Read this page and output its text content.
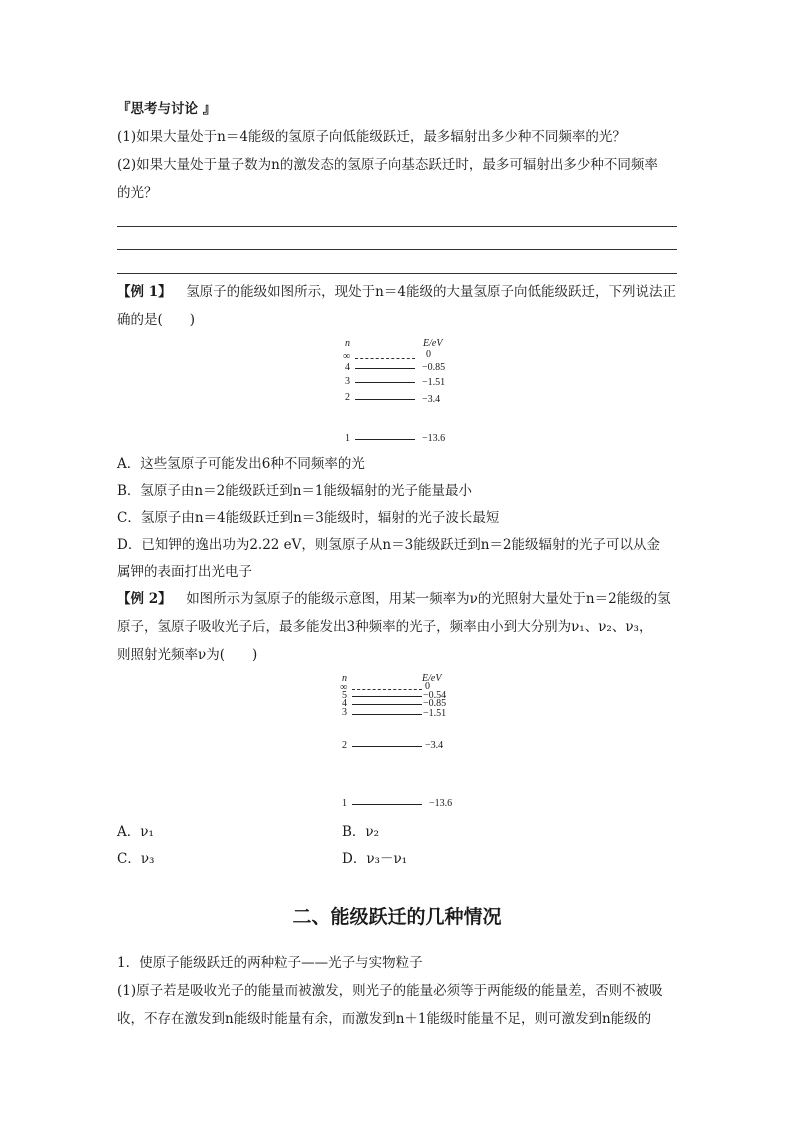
『思考与讨论 』
(1)如果大量处于n＝4能级的氢原子向低能级跃迁，最多辐射出多少种不同频率的光？
(2)如果大量处于量子数为n的激发态的氢原子向基态跃迁时，最多可辐射出多少种不同频率
的光？
【例 1】 氢原子的能级如图所示，现处于n＝4能级的大量氢原子向低能级跃迁，下列说法正
确的是(　　)
n	E/eV
∞	0
4	−0.85
3	−1.51
2	−3.4
1	−13.6
A．这些氢原子可能发出6种不同频率的光
B．氢原子由n＝2能级跃迁到n＝1能级辐射的光子能量最小
C．氢原子由n＝4能级跃迁到n＝3能级时，辐射的光子波长最短
D．已知钾的逸出功为2.22 eV，则氢原子从n＝3能级跃迁到n＝2能级辐射的光子可以从金
属钾的表面打出光电子
【例 2】 如图所示为氢原子的能级示意图，用某一频率为ν的光照射大量处于n＝2能级的氢
原子，氢原子吸收光子后，最多能发出3种频率的光子，频率由小到大分别为ν₁、ν₂、ν₃，
则照射光频率ν为(　　)
n	E/eV
∞	0
5	−0.54
4	−0.85
3	−1.51
2	−3.4
1	−13.6
A．ν₁	B．ν₂
C．ν₃	D．ν₃－ν₁
二、能级跃迁的几种情况
1．使原子能级跃迁的两种粒子——光子与实物粒子
(1)原子若是吸收光子的能量而被激发，则光子的能量必须等于两能级的能量差，否则不被吸
收，不存在激发到n能级时能量有余，而激发到n＋1能级时能量不足，则可激发到n能级的
